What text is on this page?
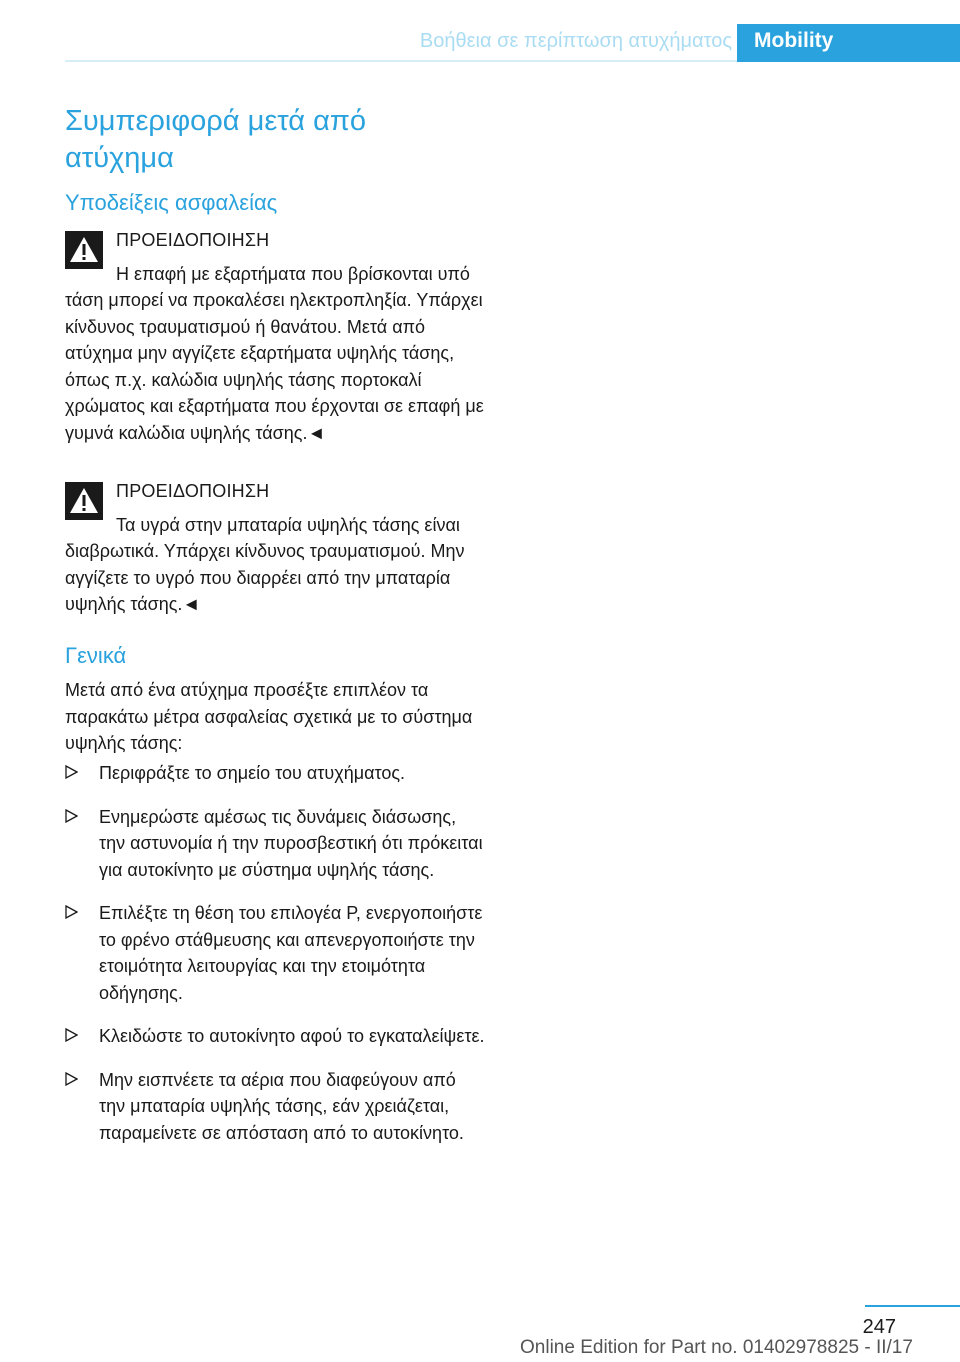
Βοήθεια σε περίπτωση ατυχήματος	Mobility
Συμπεριφορά μετά από ατύχημα
Υποδείξεις ασφαλείας
ΠΡΟΕΙΔΟΠΟΙΗΣΗ
Η επαφή με εξαρτήματα που βρίσκονται υπό τάση μπορεί να προκαλέσει ηλεκτροπληξία. Υπάρχει κίνδυνος τραυματισμού ή θανάτου. Μετά από ατύχημα μην αγγίζετε εξαρτήματα υψηλής τάσης, όπως π.χ. καλώδια υψηλής τάσης πορτοκαλί χρώματος και εξαρτήματα που έρχονται σε επαφή με γυμνά καλώδια υψηλής τάσης.◄
ΠΡΟΕΙΔΟΠΟΙΗΣΗ
Τα υγρά στην μπαταρία υψηλής τάσης είναι διαβρωτικά. Υπάρχει κίνδυνος τραυματισμού. Μην αγγίζετε το υγρό που διαρρέει από την μπαταρία υψηλής τάσης.◄
Γενικά
Μετά από ένα ατύχημα προσέξτε επιπλέον τα παρακάτω μέτρα ασφαλείας σχετικά με το σύστημα υψηλής τάσης:
Περιφράξτε το σημείο του ατυχήματος.
Ενημερώστε αμέσως τις δυνάμεις διάσωσης, την αστυνομία ή την πυροσβεστική ότι πρόκειται για αυτοκίνητο με σύστημα υψηλής τάσης.
Επιλέξτε τη θέση του επιλογέα P, ενεργοποιήστε το φρένο στάθμευσης και απενεργοποιήστε την ετοιμότητα λειτουργίας και την ετοιμότητα οδήγησης.
Κλειδώστε το αυτοκίνητο αφού το εγκαταλείψετε.
Μην εισπνέετε τα αέρια που διαφεύγουν από την μπαταρία υψηλής τάσης, εάν χρειάζεται, παραμείνετε σε απόσταση από το αυτοκίνητο.
247
Online Edition for Part no. 01402978825 - II/17
